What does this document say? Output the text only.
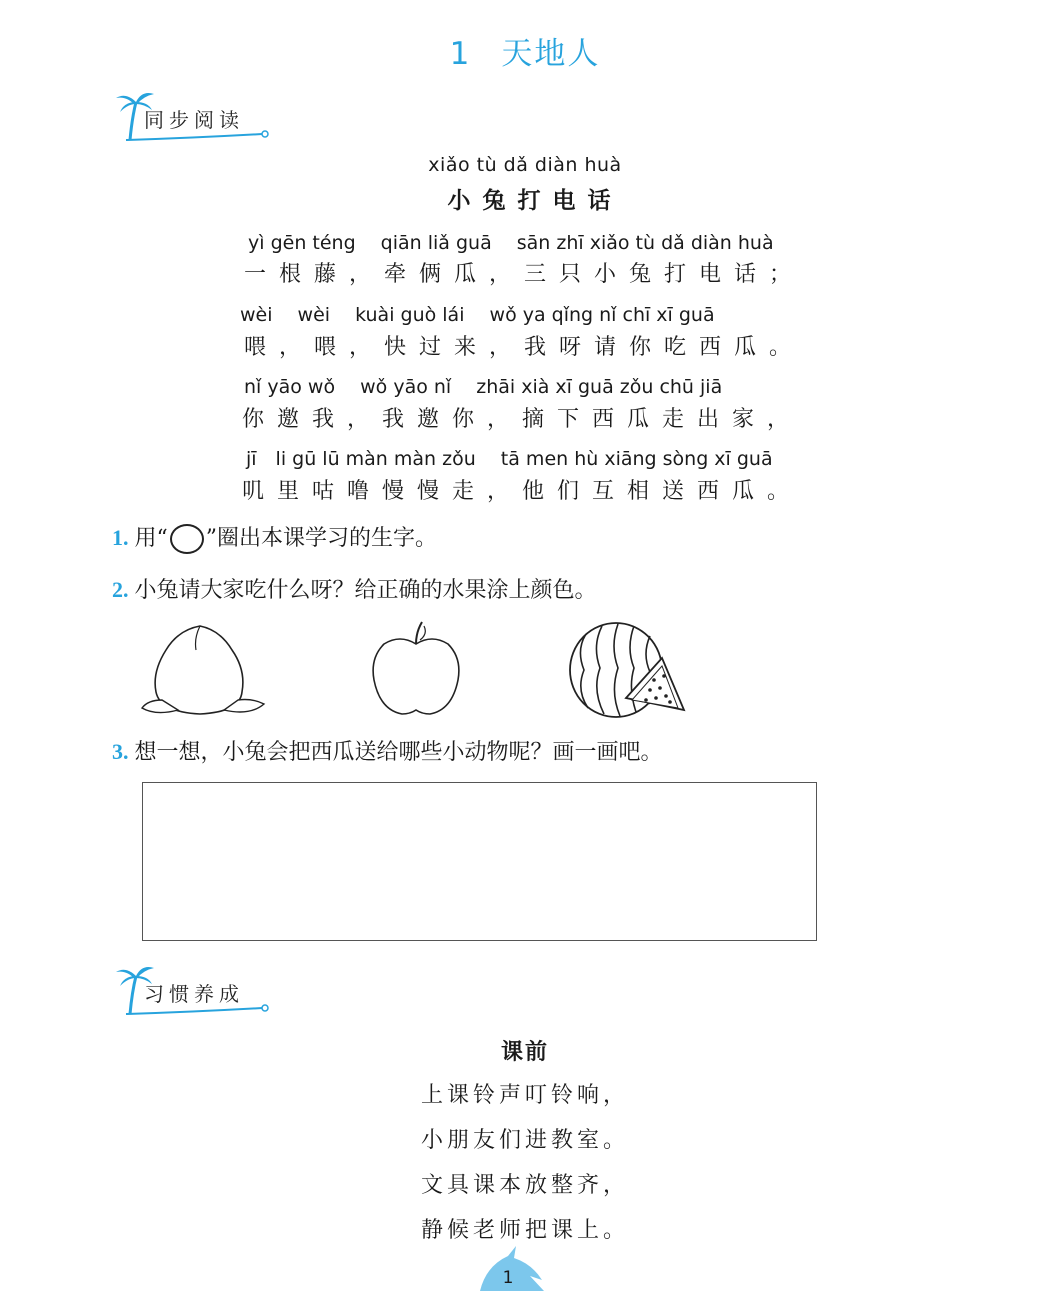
1 天地人
同步阅读
xiǎo tù dǎ diàn huà
小兔打电话
yì gēn téng　 qiān liǎ guā　 sān zhī xiǎo tù dǎ diàn huà
一根藤，牵俩瓜，三只小兔打电话；
wèi　 wèi　 kuài guò lái　 wǒ ya qǐng nǐ chī xī guā
喂，喂，快过来，我呀请你吃西瓜。
nǐ yāo wǒ　 wǒ yāo nǐ　 zhāi xià xī guā zǒu chū jiā
你邀我，我邀你，摘下西瓜走出家，
jī　li gū lū màn màn zǒu　 tā men hù xiāng sòng xī guā
叽里咕噜慢慢走，他们互相送西瓜。
1. 用“ ”圈出本课学习的生字。
2. 小兔请大家吃什么呀？给正确的水果涂上颜色。
3. 想一想，小兔会把西瓜送给哪些小动物呢？画一画吧。
习惯养成
课前
上课铃声叮铃响，
小朋友们进教室。
文具课本放整齐，
静候老师把课上。
1
